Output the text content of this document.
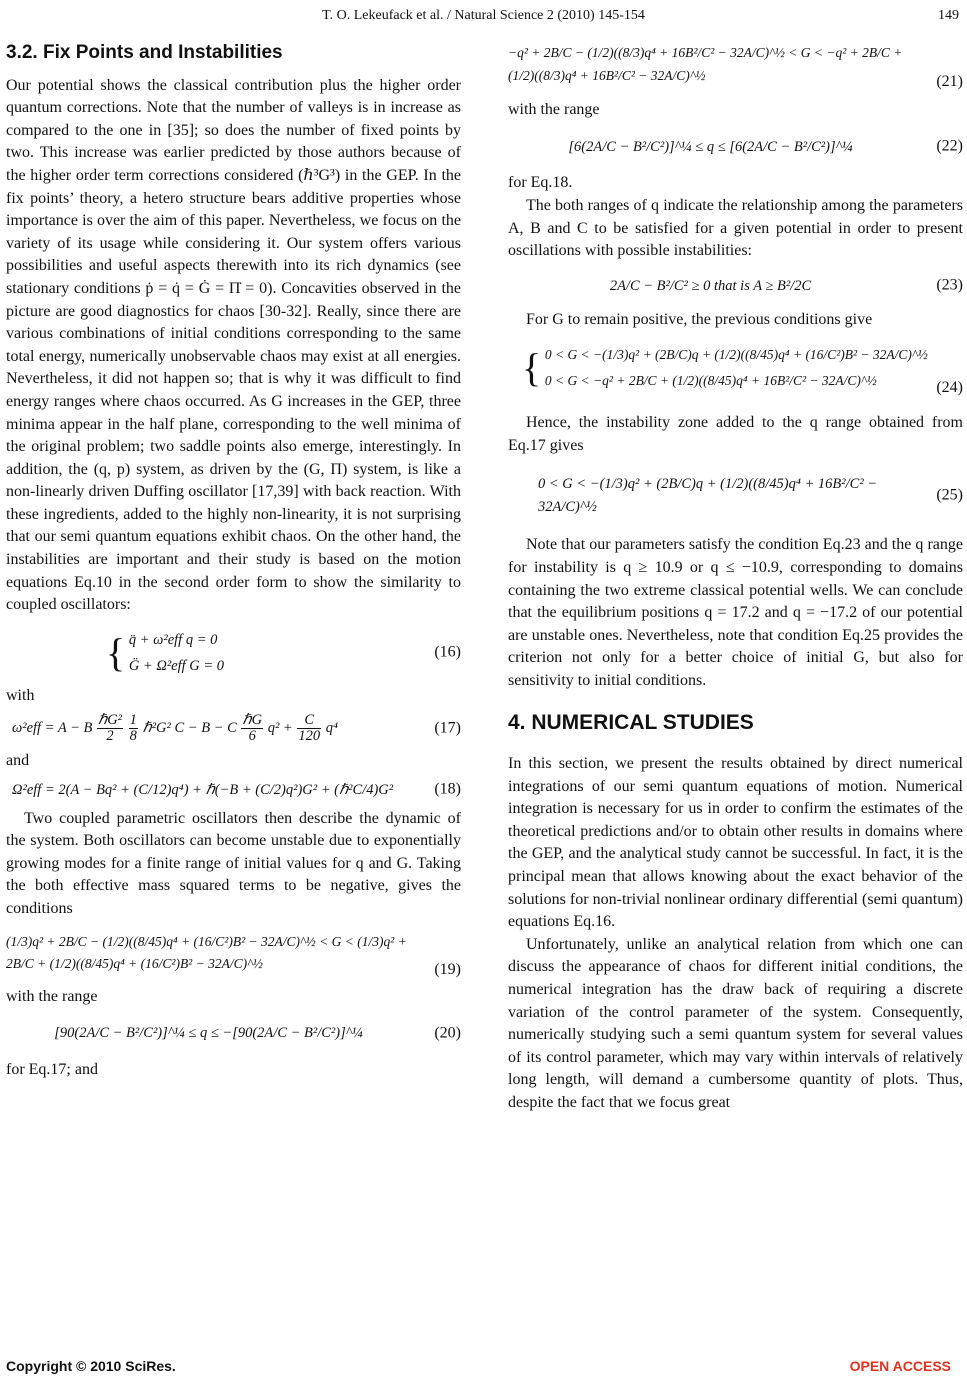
T. O. Lekeufack et al. / Natural Science 2 (2010) 145-154	149
3.2. Fix Points and Instabilities

Our potential shows the classical contribution plus the higher order quantum corrections. Note that the number of valleys is in increase as compared to the one in [35]; so does the number of fixed points by two. This increase was earlier predicted by those authors because of the higher order term corrections considered (ℏ³G³) in the GEP. In the fix points’ theory, a hetero structure bears additive properties whose importance is over the aim of this paper. Nevertheless, we focus on the variety of its usage while considering it. Our system offers various possibilities and useful aspects therewith into its rich dynamics (see stationary conditions ṗ = q̇ = Ġ = Π̇ = 0). Concavities observed in the picture are good diagnostics for chaos [30-32]. Really, since there are various combinations of initial conditions corresponding to the same total energy, numerically unobservable chaos may exist at all energies. Nevertheless, it did not happen so; that is why it was difficult to find energy ranges where chaos occurred. As G increases in the GEP, three minima appear in the half plane, corresponding to the well minima of the original problem; two saddle points also emerge, interestingly. In addition, the (q, p) system, as driven by the (G, Π) system, is like a non-linearly driven Duffing oscillator [17,39] with back reaction. With these ingredients, added to the highly non-linearity, it is not surprising that our semi quantum equations exhibit chaos. On the other hand, the instabilities are important and their study is based on the motion equations Eq.10 in the second order form to show the similarity to coupled oscillators:

{ q̈ + ω²eff q = 0
G̈ + Ω²eff G = 0
(16)

with

ω²eff = A − B $\frac{\text{ℏG²}}{2}$
$\frac{1}{8}$ ℏ²G² C − B − C $\frac{\text{ℏG}}{6} q^2 + \frac{C}{120} q^4$	(17)

and

Ω²eff = 2(A − Bq² + (C/12)q⁴) + ℏ(−B + (C/2)q²)G² + (ℏ²C/4)G²	(18)

Two coupled parametric oscillators then describe the dynamic of the system. Both oscillators can become unstable due to exponentially growing modes for a finite range of initial values for q and G. Taking the both effective mass squared terms to be negative, gives the conditions

(1/3)q² + 2B/C − (1/2)((8/45)q⁴ + (16/C²)B² − 32A/C)^½ < G < (1/3)q² + 2B/C + (1/2)((8/45)q⁴ + (16/C²)B² − 32A/C)^½	(19)

with the range

[90(2A/C − B²/C²)]^¼ ≤ q ≤ −[90(2A/C − B²/C²)]^¼	(20)

for Eq.17; and

−q² + 2B/C − (1/2)((8/3)q⁴ + 16B²/C² − 32A/C)^½ < G < −q² + 2B/C + (1/2)((8/3)q⁴ + 16B²/C² − 32A/C)^½	(21)

with the range

[6(2A/C − B²/C²)]^¼ ≤ q ≤ [6(2A/C − B²/C²)]^¼	(22)

for Eq.18.

The both ranges of q indicate the relationship among the parameters A, B and C to be satisfied for a given potential in order to present oscillations with possible instabilities:

2A/C − B²/C² ≥ 0 that is A ≥ B²/2C	(23)

For G to remain positive, the previous conditions give

{ 0 < G < −(1/3)q² + (2B/C)q + (1/2)((8/45)q⁴ + (16/C²)B² − 32A/C)^½
0 < G < −q² + 2B/C + (1/2)((8/45)q⁴ + 16B²/C² − 32A/C)^½	(24)

Hence, the instability zone added to the q range obtained from Eq.17 gives

0 < G < −(1/3)q² + (2B/C)q + (1/2)((8/45)q⁴ + 16B²/C² − 32A/C)^½
(25)

Note that our parameters satisfy the condition Eq.23 and the q range for instability is q ≥ 10.9 or q ≤ −10.9, corresponding to domains containing the two extreme classical potential wells. We can conclude that the equilibrium positions q = 17.2 and q = −17.2 of our potential are unstable ones. Nevertheless, note that condition Eq.25 provides the criterion not only for a better choice of initial G, but also for sensitivity to initial conditions.

4. NUMERICAL STUDIES

In this section, we present the results obtained by direct numerical integrations of our semi quantum equations of motion. Numerical integration is necessary for us in order to confirm the estimates of the theoretical predictions and/or to obtain other results in domains where the GEP, and the analytical study cannot be successful. In fact, it is the principal mean that allows knowing about the exact behavior of the solutions for non-trivial nonlinear ordinary differential (semi quantum) equations Eq.16.

Unfortunately, unlike an analytical relation from which one can discuss the appearance of chaos for different initial conditions, the numerical integration has the draw back of requiring a discrete variation of the control parameter of the system. Consequently, numerically studying such a semi quantum system for several values of its control parameter, which may vary within intervals of relatively long length, will demand a cumbersome quantity of plots. Thus, despite the fact that we focus great

Copyright © 2010 SciRes.	OPEN ACCESS
